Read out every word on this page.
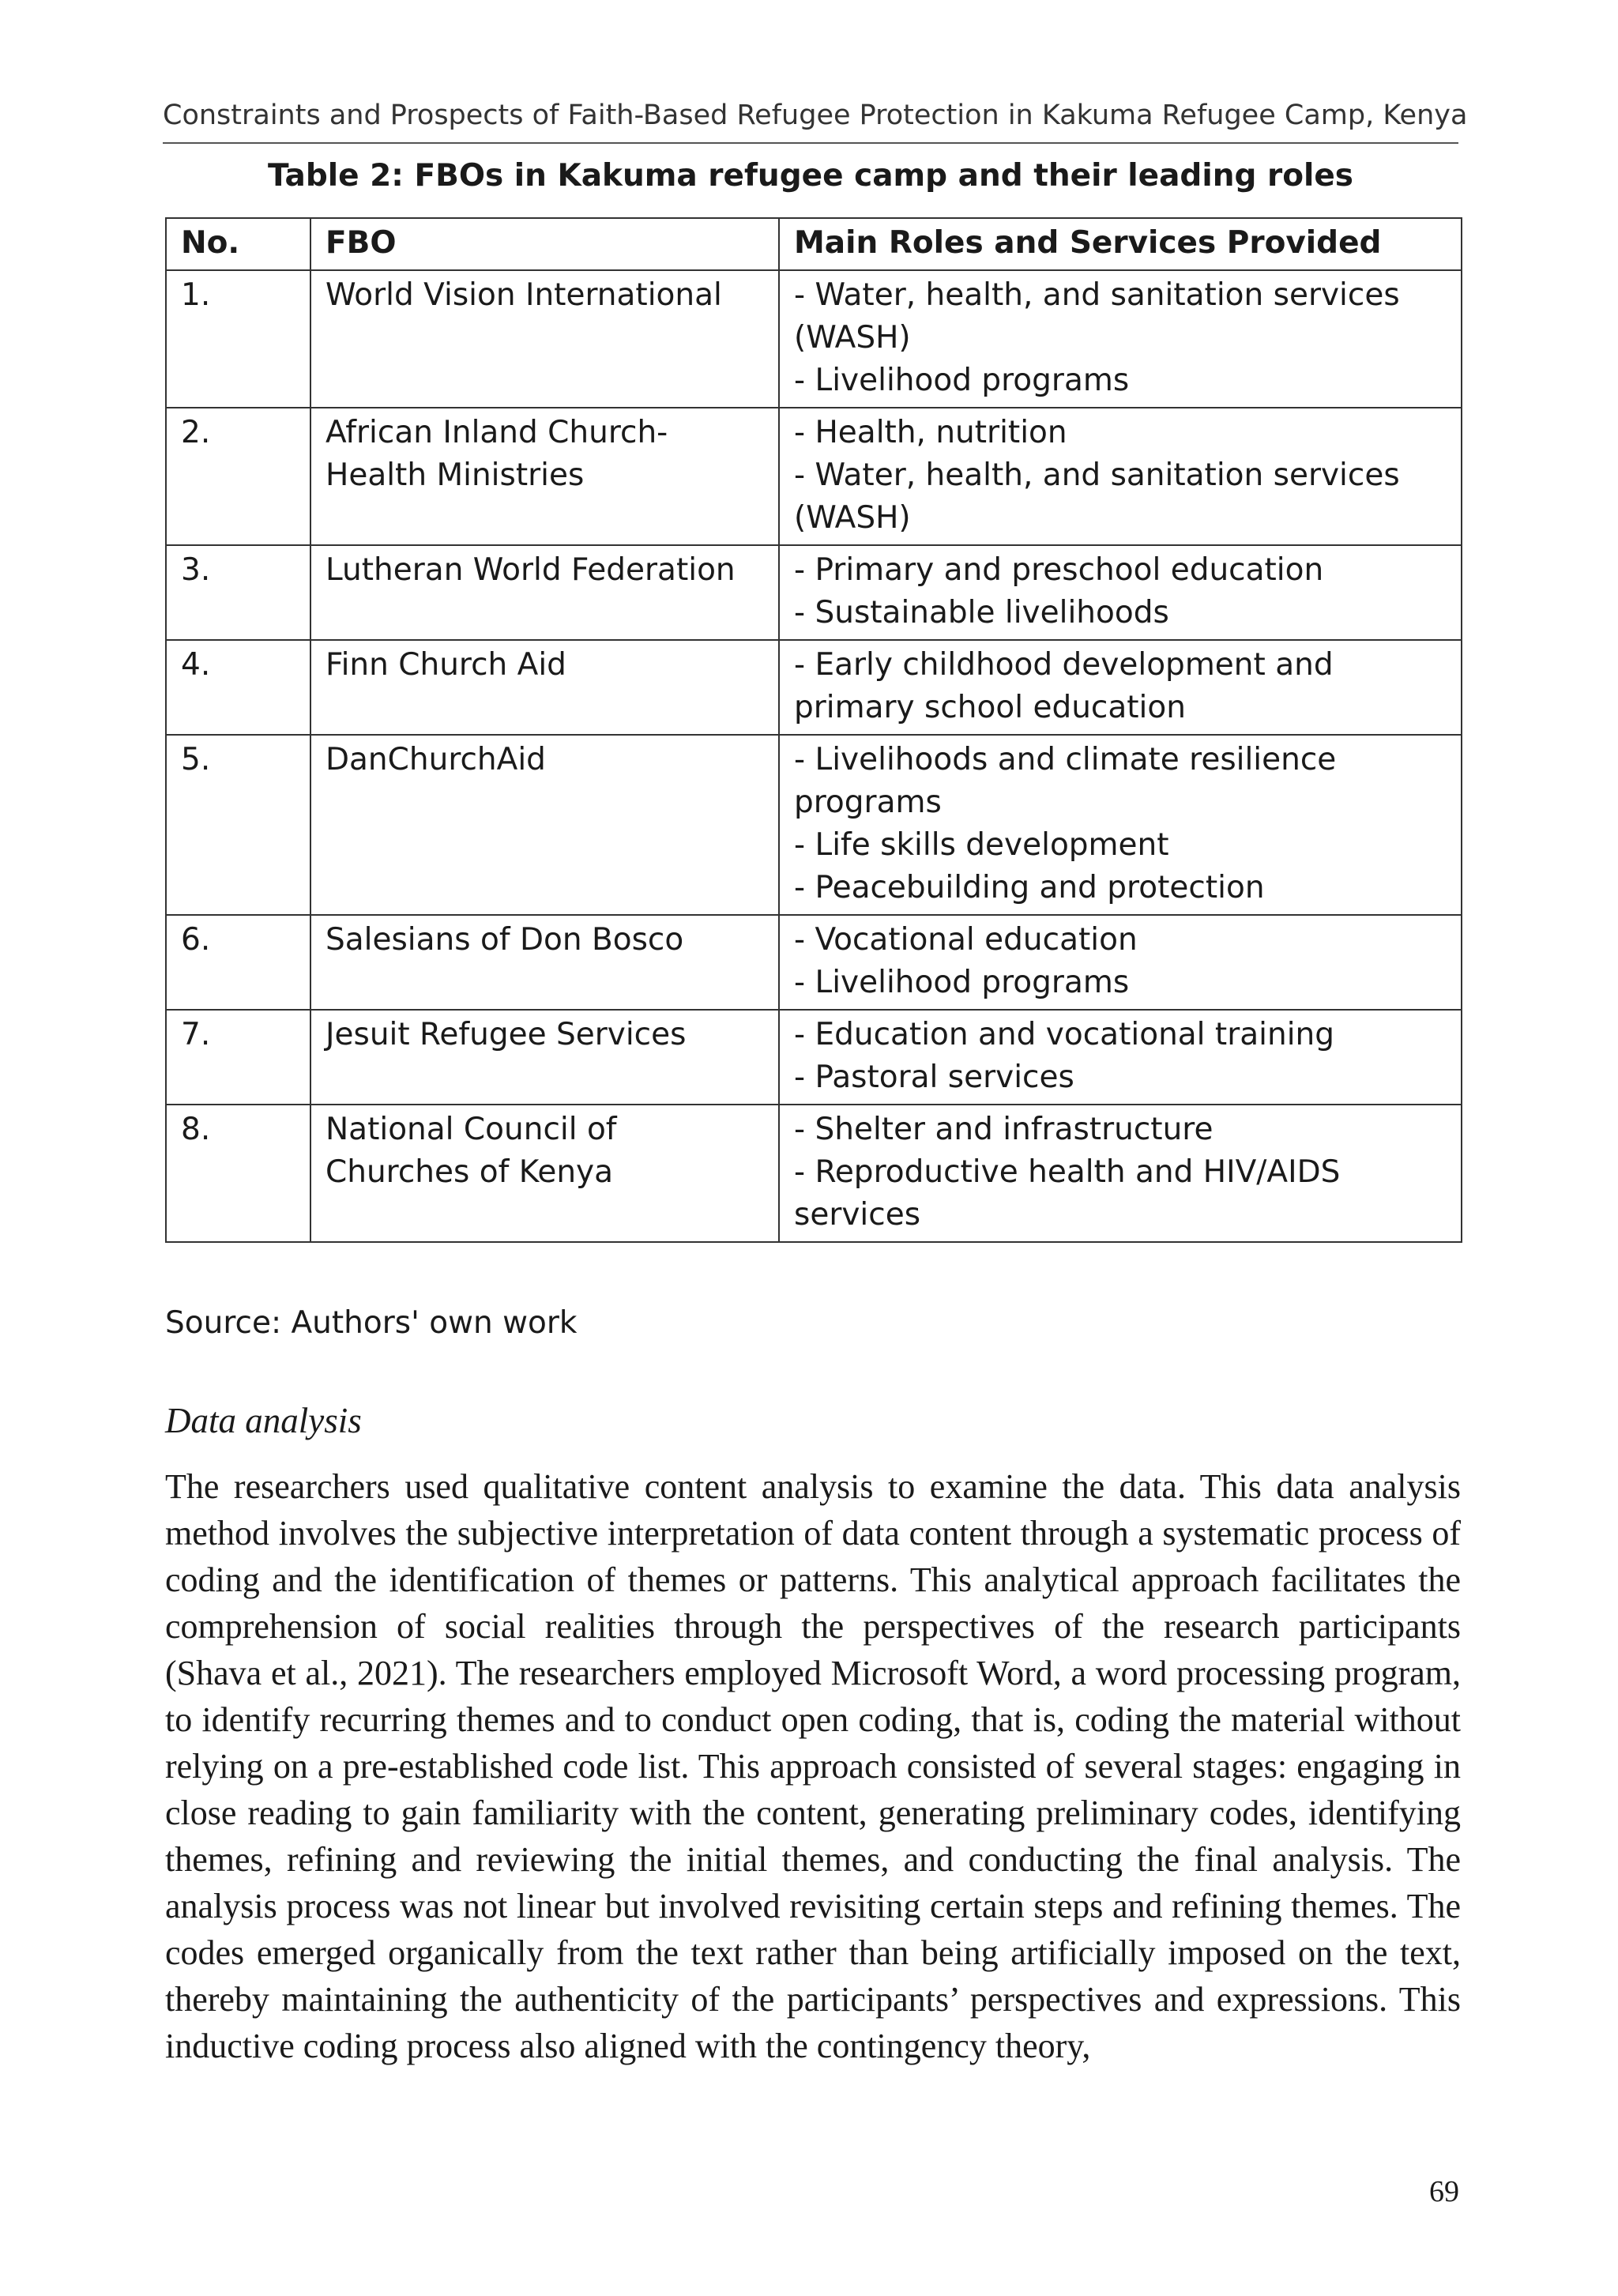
Constraints and Prospects of Faith-Based Refugee Protection in Kakuma Refugee Camp, Kenya
Table 2: FBOs in Kakuma refugee camp and their leading roles
No.	FBO	Main Roles and Services Provided
1.	World Vision International	- Water, health, and sanitation services
(WASH)
- Livelihood programs

2.	African Inland Church-
Health Ministries	- Health, nutrition
- Water, health, and sanitation services
(WASH)

3.	Lutheran World Federation	- Primary and preschool education
- Sustainable livelihoods

4.	Finn Church Aid	- Early childhood development and
primary school education

5.	DanChurchAid	- Livelihoods and climate resilience
programs
- Life skills development
- Peacebuilding and protection

6.	Salesians of Don Bosco	- Vocational education
- Livelihood programs

7.	Jesuit Refugee Services	- Education and vocational training
- Pastoral services

8.	National Council of
Churches of Kenya	- Shelter and infrastructure
- Reproductive health and HIV/AIDS
services
Source: Authors' own work
Data analysis

The researchers used qualitative content analysis to examine the data. This data analysis method involves the subjective interpretation of data content through a systematic process of coding and the identification of themes or patterns. This analytical approach facilitates the comprehension of social realities through the perspectives of the research participants (Shava et al., 2021). The researchers employed Microsoft Word, a word processing program, to identify recurring themes and to conduct open coding, that is, coding the material without relying on a pre-established code list. This approach consisted of several stages: engaging in close reading to gain familiarity with the content, generating preliminary codes, identifying themes, refining and reviewing the initial themes, and conducting the final analysis. The analysis process was not linear but involved revisiting certain steps and refining themes. The codes emerged organically from the text rather than being artificially imposed on the text, thereby maintaining the authenticity of the participants’ perspectives and expressions. This inductive coding process also aligned with the contingency theory,

69
